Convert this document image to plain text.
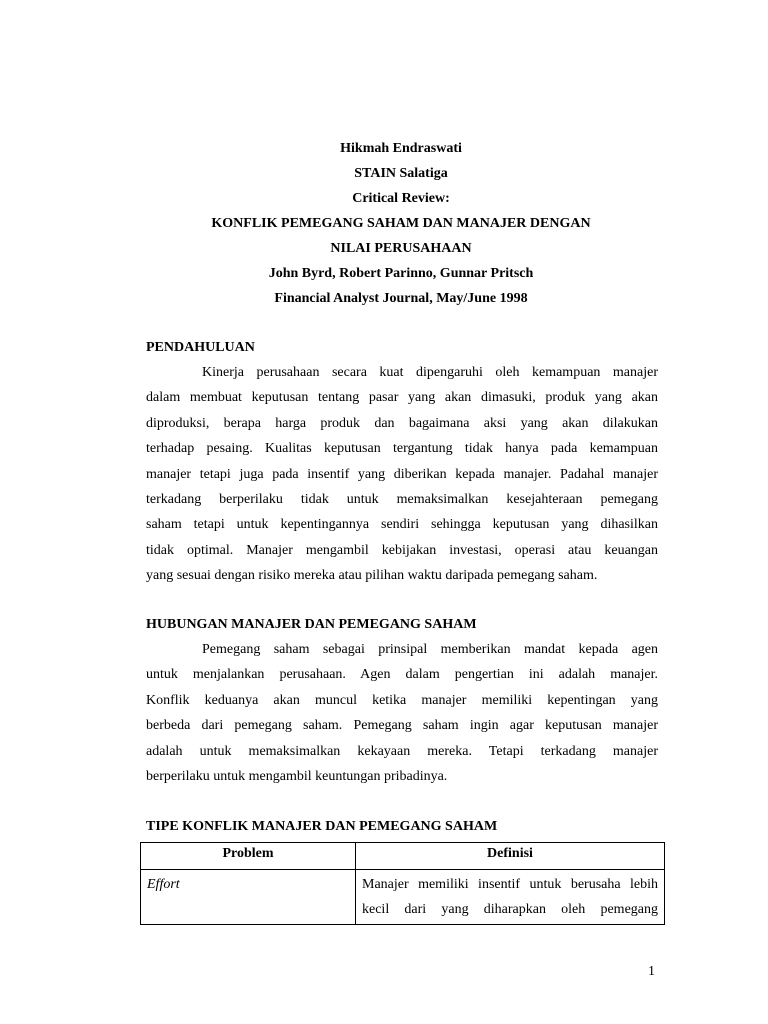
Hikmah Endraswati
STAIN Salatiga
Critical Review:
KONFLIK PEMEGANG SAHAM DAN MANAJER DENGAN
NILAI PERUSAHAAN
John Byrd, Robert Parinno, Gunnar Pritsch
Financial Analyst Journal, May/June 1998
PENDAHULUAN
Kinerja perusahaan secara kuat dipengaruhi oleh kemampuan manajer
dalam membuat keputusan tentang pasar yang akan dimasuki, produk yang akan
diproduksi, berapa harga produk dan bagaimana aksi yang akan dilakukan
terhadap pesaing. Kualitas keputusan tergantung tidak hanya pada kemampuan
manajer tetapi juga pada insentif yang diberikan kepada manajer. Padahal manajer
terkadang berperilaku tidak untuk memaksimalkan kesejahteraan pemegang
saham tetapi untuk kepentingannya sendiri sehingga keputusan yang dihasilkan
tidak optimal. Manajer mengambil kebijakan investasi, operasi atau keuangan
yang sesuai dengan risiko mereka atau pilihan waktu daripada pemegang saham.
HUBUNGAN MANAJER DAN PEMEGANG SAHAM
Pemegang saham sebagai prinsipal memberikan mandat kepada agen
untuk menjalankan perusahaan. Agen dalam pengertian ini adalah manajer.
Konflik keduanya akan muncul ketika manajer memiliki kepentingan yang
berbeda dari pemegang saham. Pemegang saham ingin agar keputusan manajer
adalah untuk memaksimalkan kekayaan mereka. Tetapi terkadang manajer
berperilaku untuk mengambil keuntungan pribadinya.
TIPE KONFLIK MANAJER DAN PEMEGANG SAHAM
Problem	Definisi
Effort	Manajer memiliki insentif untuk berusaha lebih
kecil dari yang diharapkan oleh pemegang
1
